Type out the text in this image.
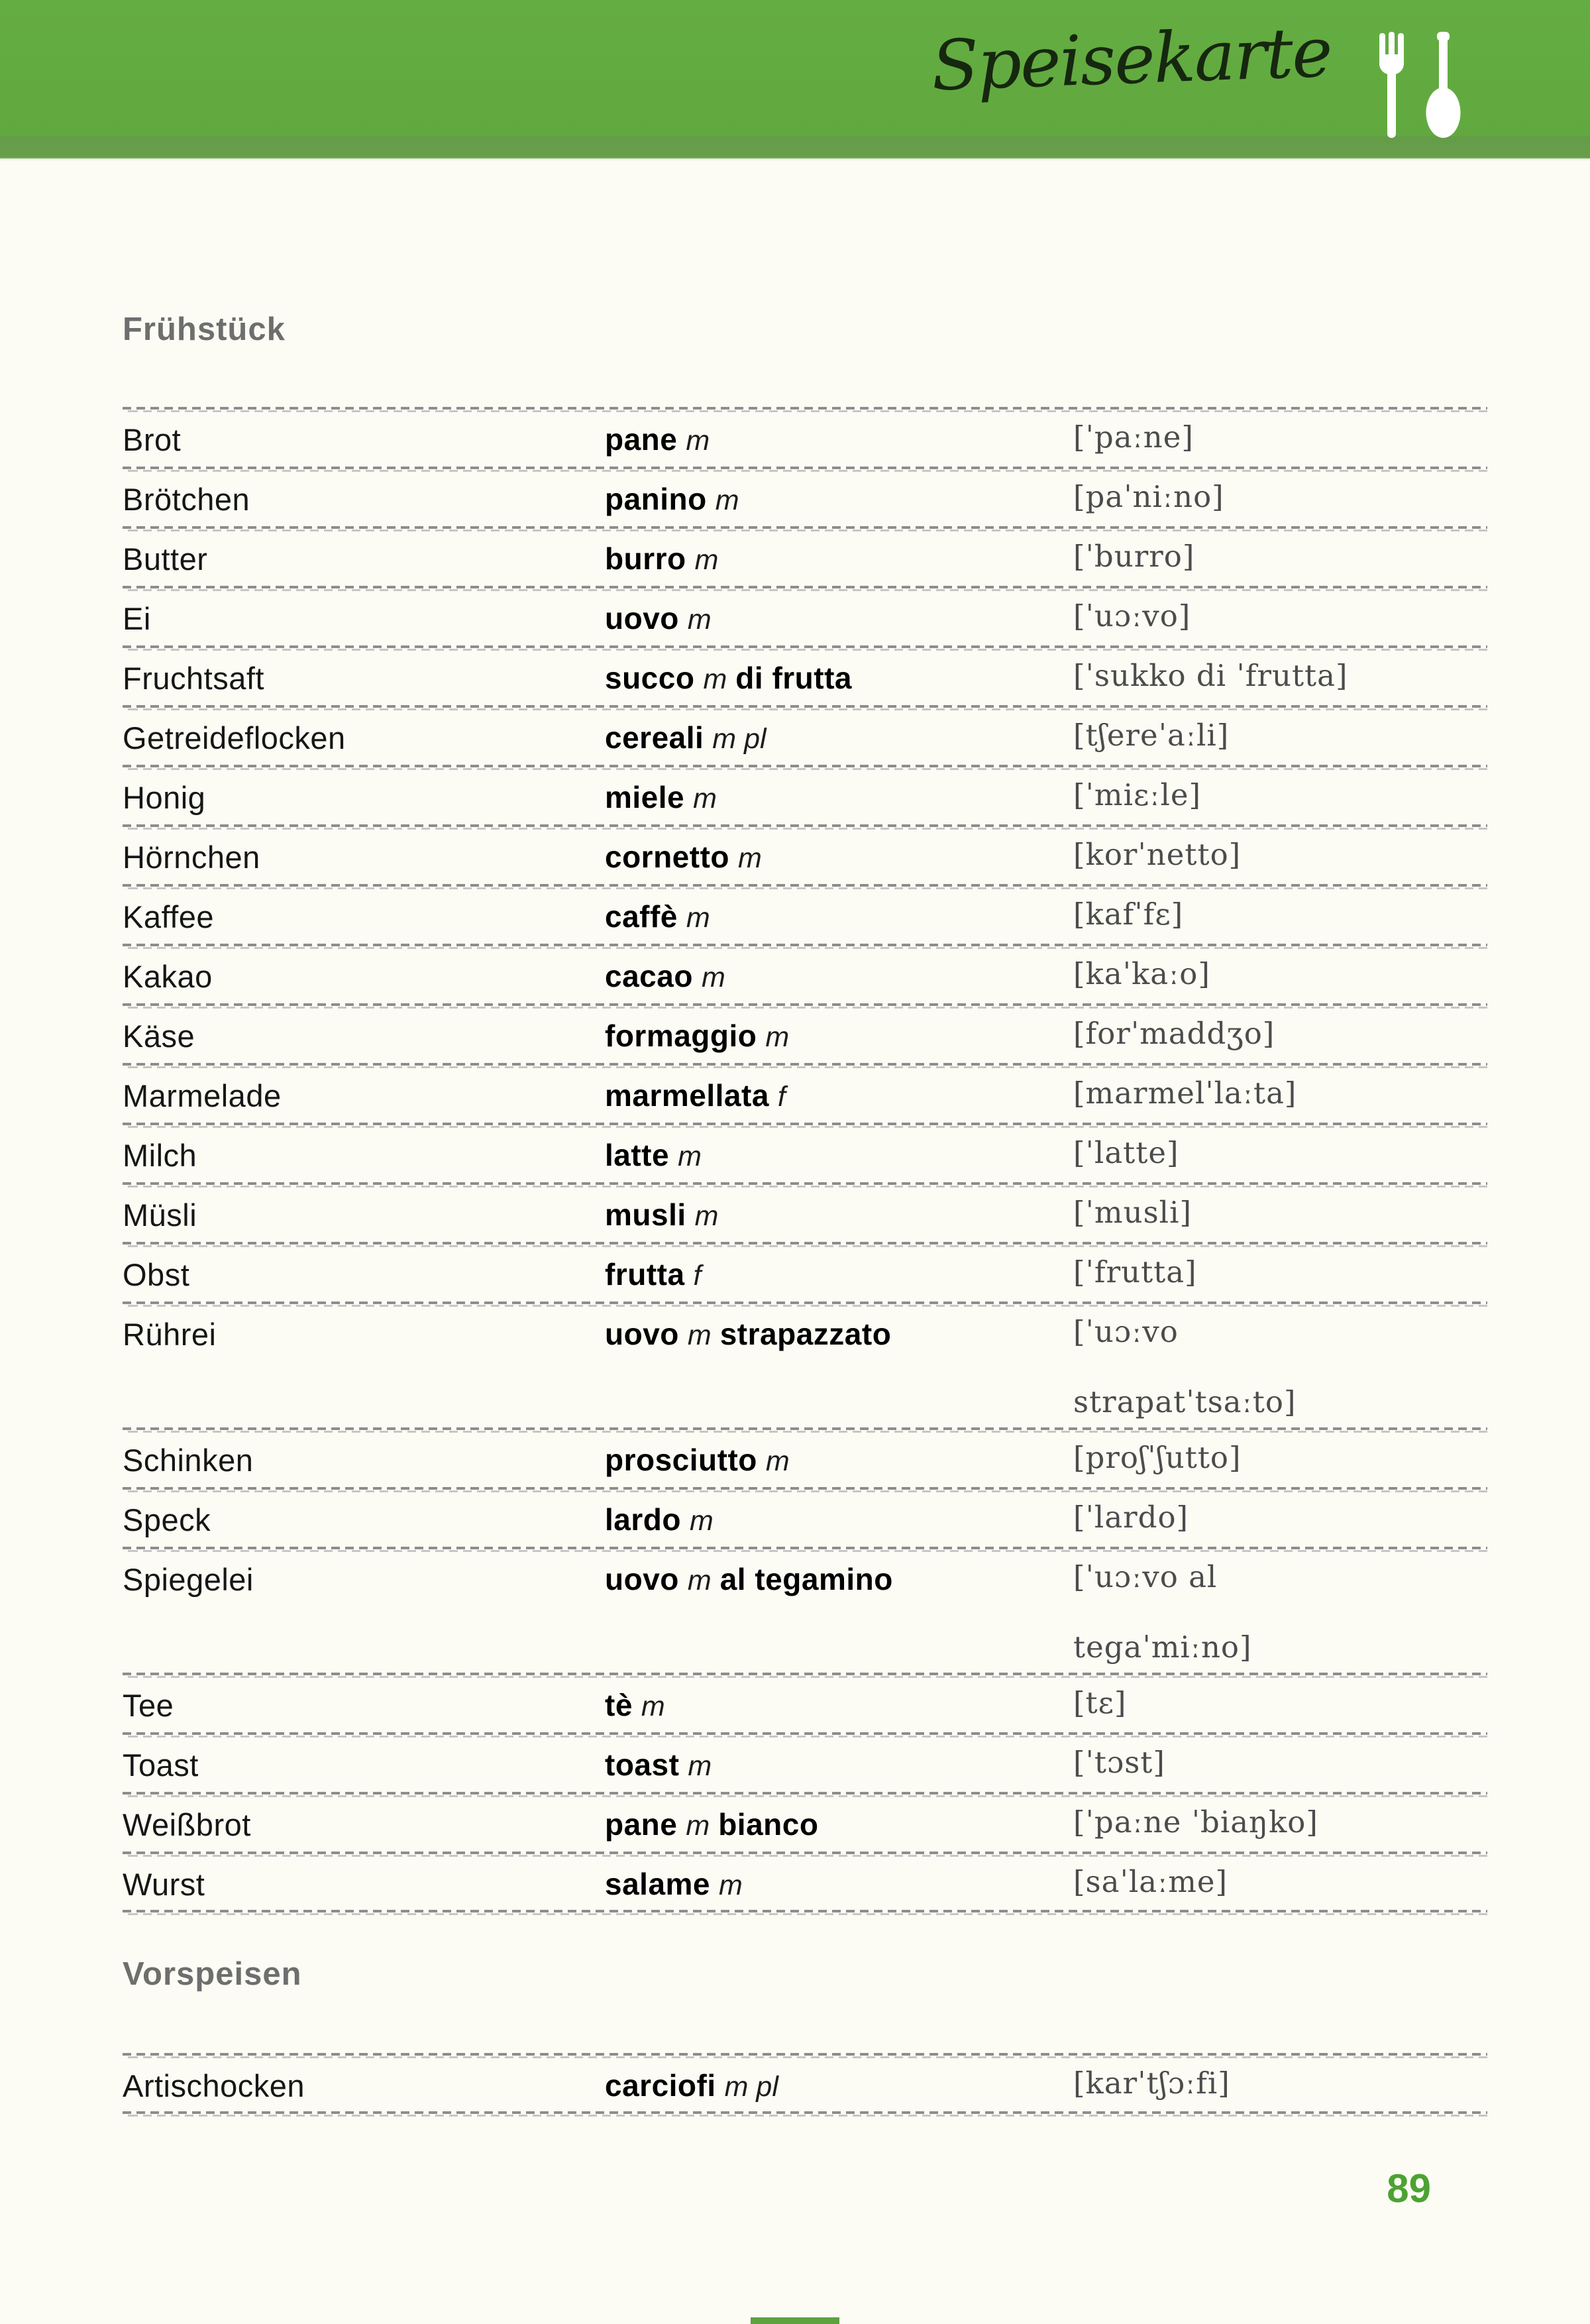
Speisekarte
Frühstück
Brot	pane m	[ˈpaːne]
Brötchen	panino m	[paˈniːno]
Butter	burro m	[ˈburro]
Ei	uovo m	[ˈuɔːvo]
Fruchtsaft	succo m di frutta	[ˈsukko di ˈfrutta]
Getreideflocken	cereali m pl	[tʃereˈaːli]
Honig	miele m	[ˈmiɛːle]
Hörnchen	cornetto m	[korˈnetto]
Kaffee	caffè m	[kafˈfɛ]
Kakao	cacao m	[kaˈkaːo]
Käse	formaggio m	[forˈmaddʒo]
Marmelade	marmellata f	[marmelˈlaːta]
Milch	latte m	[ˈlatte]
Müsli	musli m	[ˈmusli]
Obst	frutta f	[ˈfrutta]
Rührei	uovo m strapazzato	[ˈuɔːvo
strapatˈtsaːto]
Schinken	prosciutto m	[proʃˈʃutto]
Speck	lardo m	[ˈlardo]
Spiegelei	uovo m al tegamino	[ˈuɔːvo al
tegaˈmiːno]
Tee	tè m	[tɛ]
Toast	toast m	[ˈtɔst]
Weißbrot	pane m bianco	[ˈpaːne ˈbiaŋko]
Wurst	salame m	[saˈlaːme]
Vorspeisen
Artischocken	carciofi m pl	[karˈtʃɔːfi]
89
